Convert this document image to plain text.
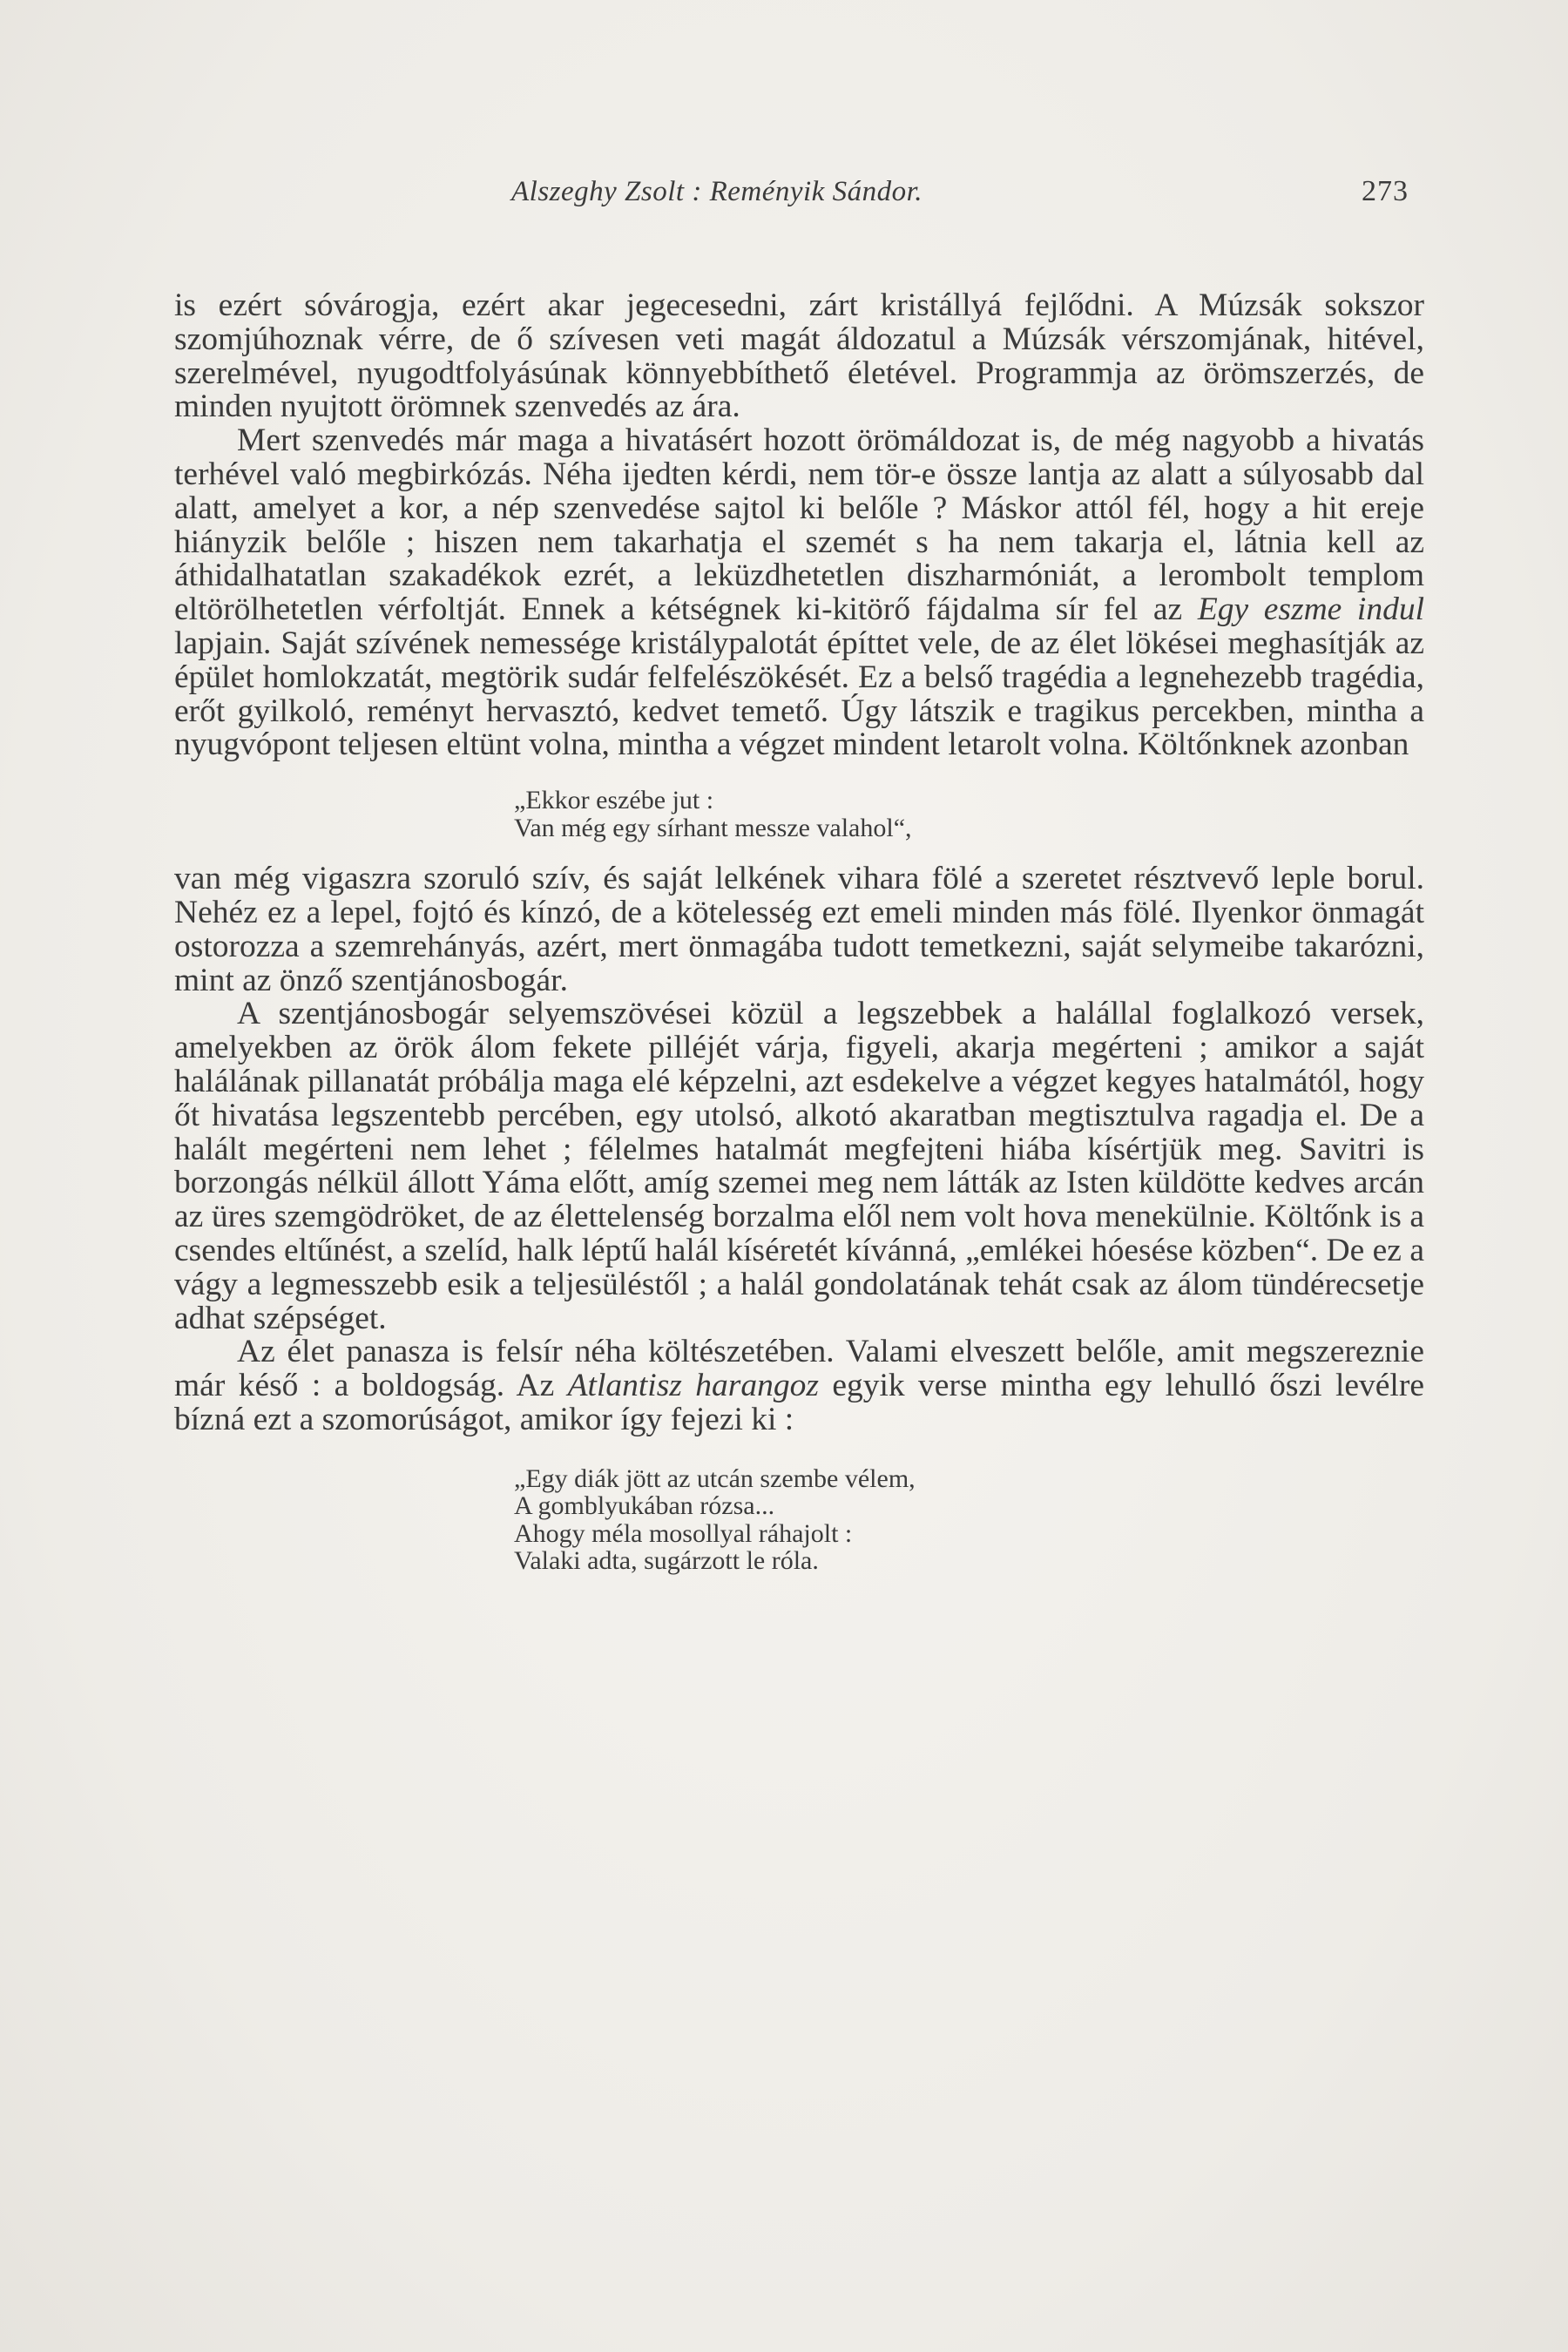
Alszeghy Zsolt : Reményik Sándor.	273

is ezért sóvárogja, ezért akar jegecesedni, zárt kristállyá fejlődni. A Múzsák sokszor szomjúhoznak vérre, de ő szívesen veti magát áldozatul a Múzsák vérszomjának, hitével, szerelmével, nyugodtfolyásúnak könnyebbíthető életével. Programmja az örömszerzés, de minden nyujtott örömnek szenvedés az ára.

Mert szenvedés már maga a hivatásért hozott örömáldozat is, de még nagyobb a hivatás terhével való megbirkózás. Néha ijedten kérdi, nem tör-e össze lantja az alatt a súlyosabb dal alatt, amelyet a kor, a nép szenvedése sajtol ki belőle ? Máskor attól fél, hogy a hit ereje hiányzik belőle ; hiszen nem takarhatja el szemét s ha nem takarja el, látnia kell az áthidalhatatlan szakadékok ezrét, a leküzdhetetlen diszharmóniát, a lerombolt templom eltörölhetetlen vérfoltját. Ennek a kétségnek ki-kitörő fájdalma sír fel az Egy eszme indul lapjain. Saját szívének nemessége kristálypalotát építtet vele, de az élet lökései meghasítják az épület homlokzatát, megtörik sudár felfelészökését. Ez a belső tragédia a legnehezebb tragédia, erőt gyilkoló, reményt hervasztó, kedvet temető. Úgy látszik e tragikus percekben, mintha a nyugvópont teljesen eltünt volna, mintha a végzet mindent letarolt volna. Költőnknek azonban

„Ekkor eszébe jut :
Van még egy sírhant messze valahol“,

van még vigaszra szoruló szív, és saját lelkének vihara fölé a szeretet résztvevő leple borul. Nehéz ez a lepel, fojtó és kínzó, de a kötelesség ezt emeli minden más fölé. Ilyenkor önmagát ostorozza a szemrehányás, azért, mert önmagába tudott temetkezni, saját selymeibe takarózni, mint az önző szentjánosbogár.

A szentjánosbogár selyemszövései közül a legszebbek a halállal foglalkozó versek, amelyekben az örök álom fekete pilléjét várja, figyeli, akarja megérteni ; amikor a saját halálának pillanatát próbálja maga elé képzelni, azt esdekelve a végzet kegyes hatalmától, hogy őt hivatása legszentebb percében, egy utolsó, alkotó akaratban megtisztulva ragadja el. De a halált megérteni nem lehet ; félelmes hatalmát megfejteni hiába kísértjük meg. Savitri is borzongás nélkül állott Yáma előtt, amíg szemei meg nem látták az Isten küldötte kedves arcán az üres szemgödröket, de az élettelenség borzalma elől nem volt hova menekülnie. Költőnk is a csendes eltűnést, a szelíd, halk léptű halál kíséretét kívánná, „emlékei hóesése közben“. De ez a vágy a legmesszebb esik a teljesüléstől ; a halál gondolatának tehát csak az álom tündérecsetje adhat szépséget.

Az élet panasza is felsír néha költészetében. Valami elveszett belőle, amit megszereznie már késő : a boldogság. Az Atlantisz harangoz egyik verse mintha egy lehulló őszi levélre bízná ezt a szomorúságot, amikor így fejezi ki :

„Egy diák jött az utcán szembe vélem,
A gomblyukában rózsa...
Ahogy méla mosollyal ráhajolt :
Valaki adta, sugárzott le róla.
